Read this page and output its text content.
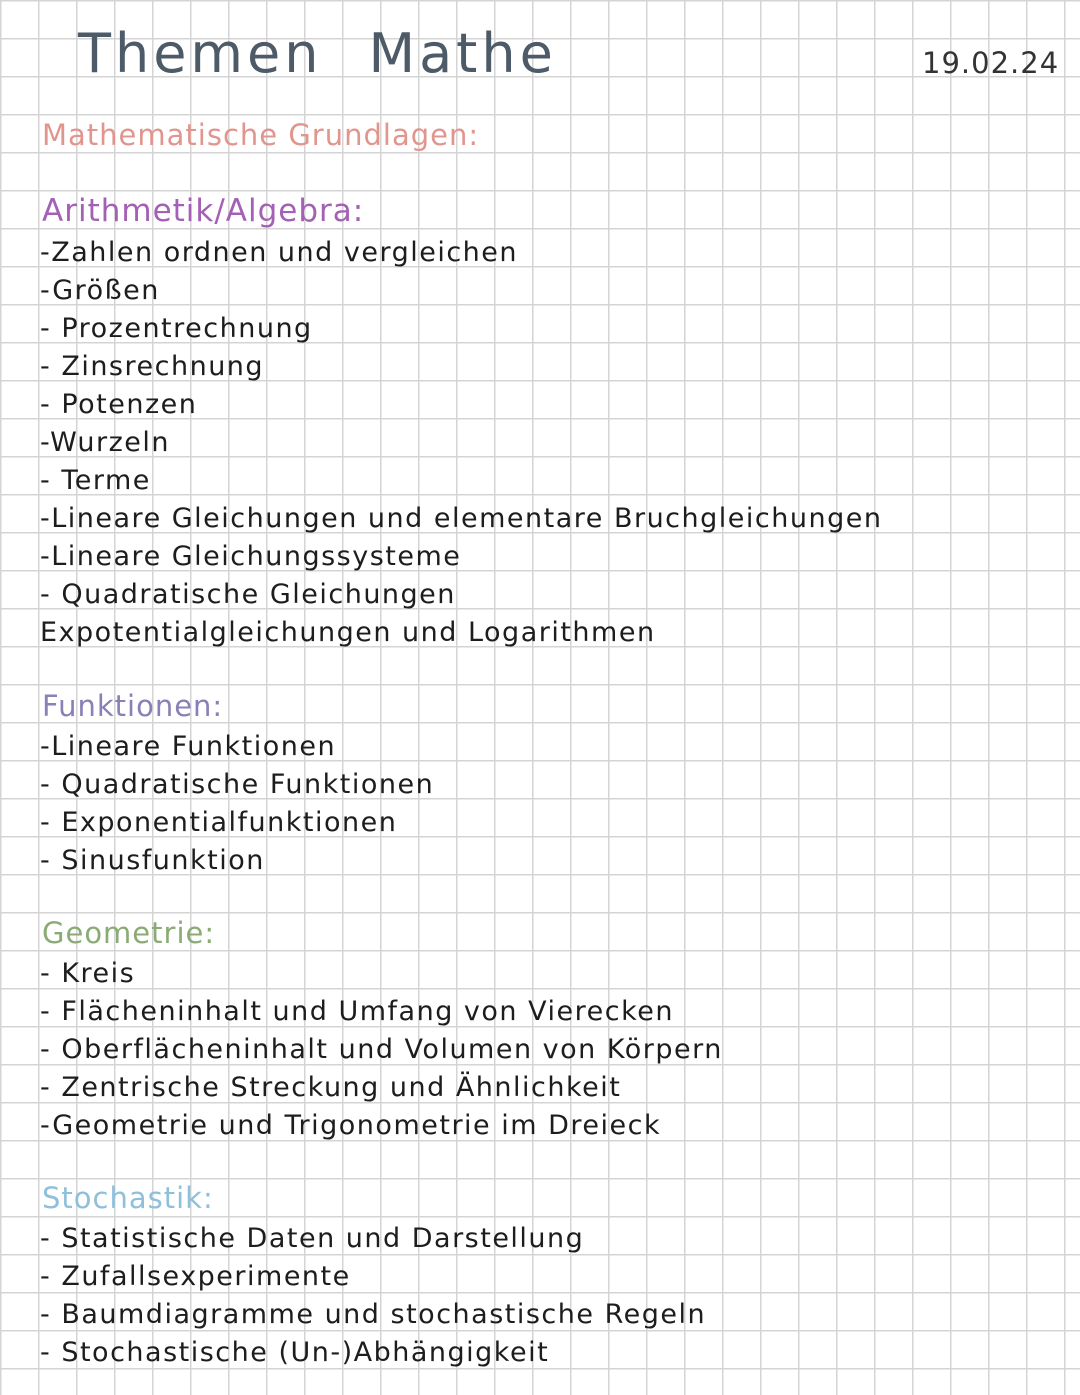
Themen Mathe	19.02.24
Mathematische Grundlagen:
Arithmetik/Algebra:
-Zahlen ordnen und vergleichen
-Größen
- Prozentrechnung
- Zinsrechnung
- Potenzen
-Wurzeln
- Terme
-Lineare Gleichungen und elementare Bruchgleichungen
-Lineare Gleichungssysteme
- Quadratische Gleichungen
Expotentialgleichungen und Logarithmen
Funktionen:
-Lineare Funktionen
- Quadratische Funktionen
- Exponentialfunktionen
- Sinusfunktion
Geometrie:
- Kreis
- Flächeninhalt und Umfang von Vierecken
- Oberflächeninhalt und Volumen von Körpern
- Zentrische Streckung und Ähnlichkeit
-Geometrie und Trigonometrie im Dreieck
Stochastik:
- Statistische Daten und Darstellung
- Zufallsexperimente
- Baumdiagramme und stochastische Regeln
- Stochastische (Un-)Abhängigkeit
